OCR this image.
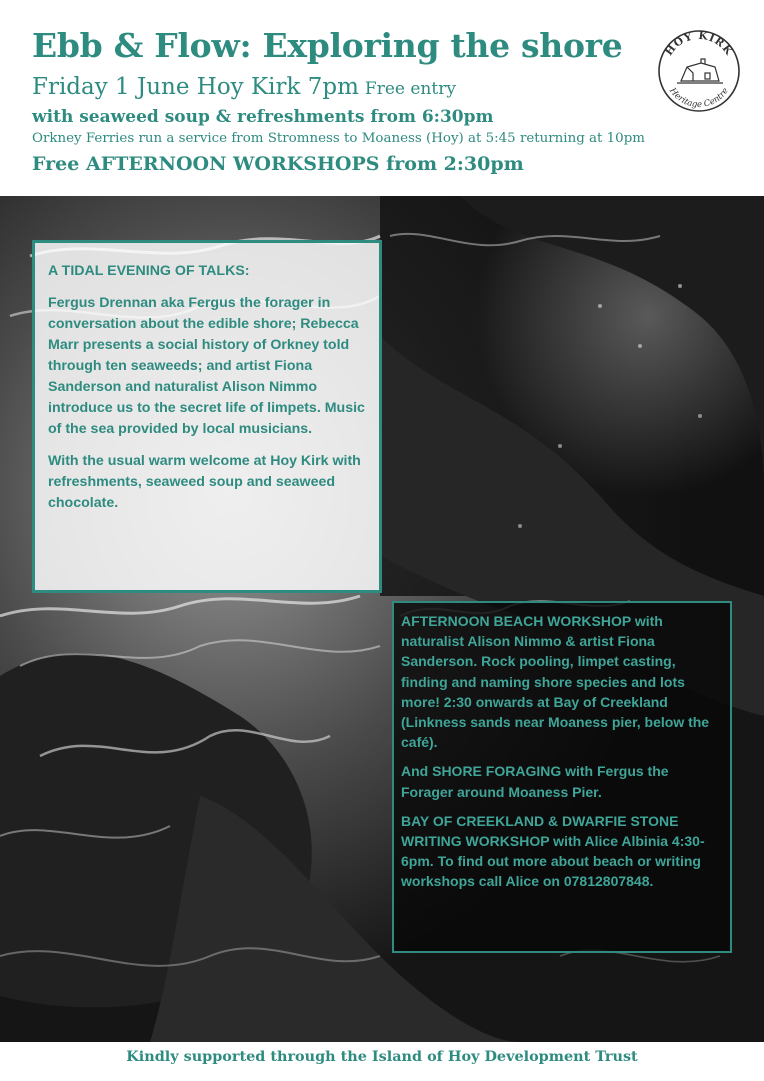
Ebb & Flow: Exploring the shore
Friday 1 June Hoy Kirk 7pm Free entry
with seaweed soup & refreshments from 6:30pm
Orkney Ferries run a service from Stromness to Moaness (Hoy) at 5:45 returning at 10pm
Free AFTERNOON WORKSHOPS from 2:30pm
HOY KIRK
Heritage Centre
A TIDAL EVENING OF TALKS:

Fergus Drennan aka Fergus the forager in conversation about the edible shore; Rebecca Marr presents a social history of Orkney told through ten seaweeds; and artist Fiona Sanderson and naturalist Alison Nimmo introduce us to the secret life of limpets. Music of the sea provided by local musicians.

With the usual warm welcome at Hoy Kirk with refreshments, seaweed soup and seaweed chocolate.

AFTERNOON BEACH WORKSHOP with naturalist Alison Nimmo & artist Fiona Sanderson. Rock pooling, limpet casting, finding and naming shore species and lots more! 2:30 onwards at Bay of Creekland (Linkness sands near Moaness pier, below the café).

And SHORE FORAGING with Fergus the Forager around Moaness Pier.

BAY OF CREEKLAND & DWARFIE STONE WRITING WORKSHOP with Alice Albinia 4:30-6pm. To find out more about beach or writing workshops call Alice on 07812807848.

Kindly supported through the Island of Hoy Development Trust
